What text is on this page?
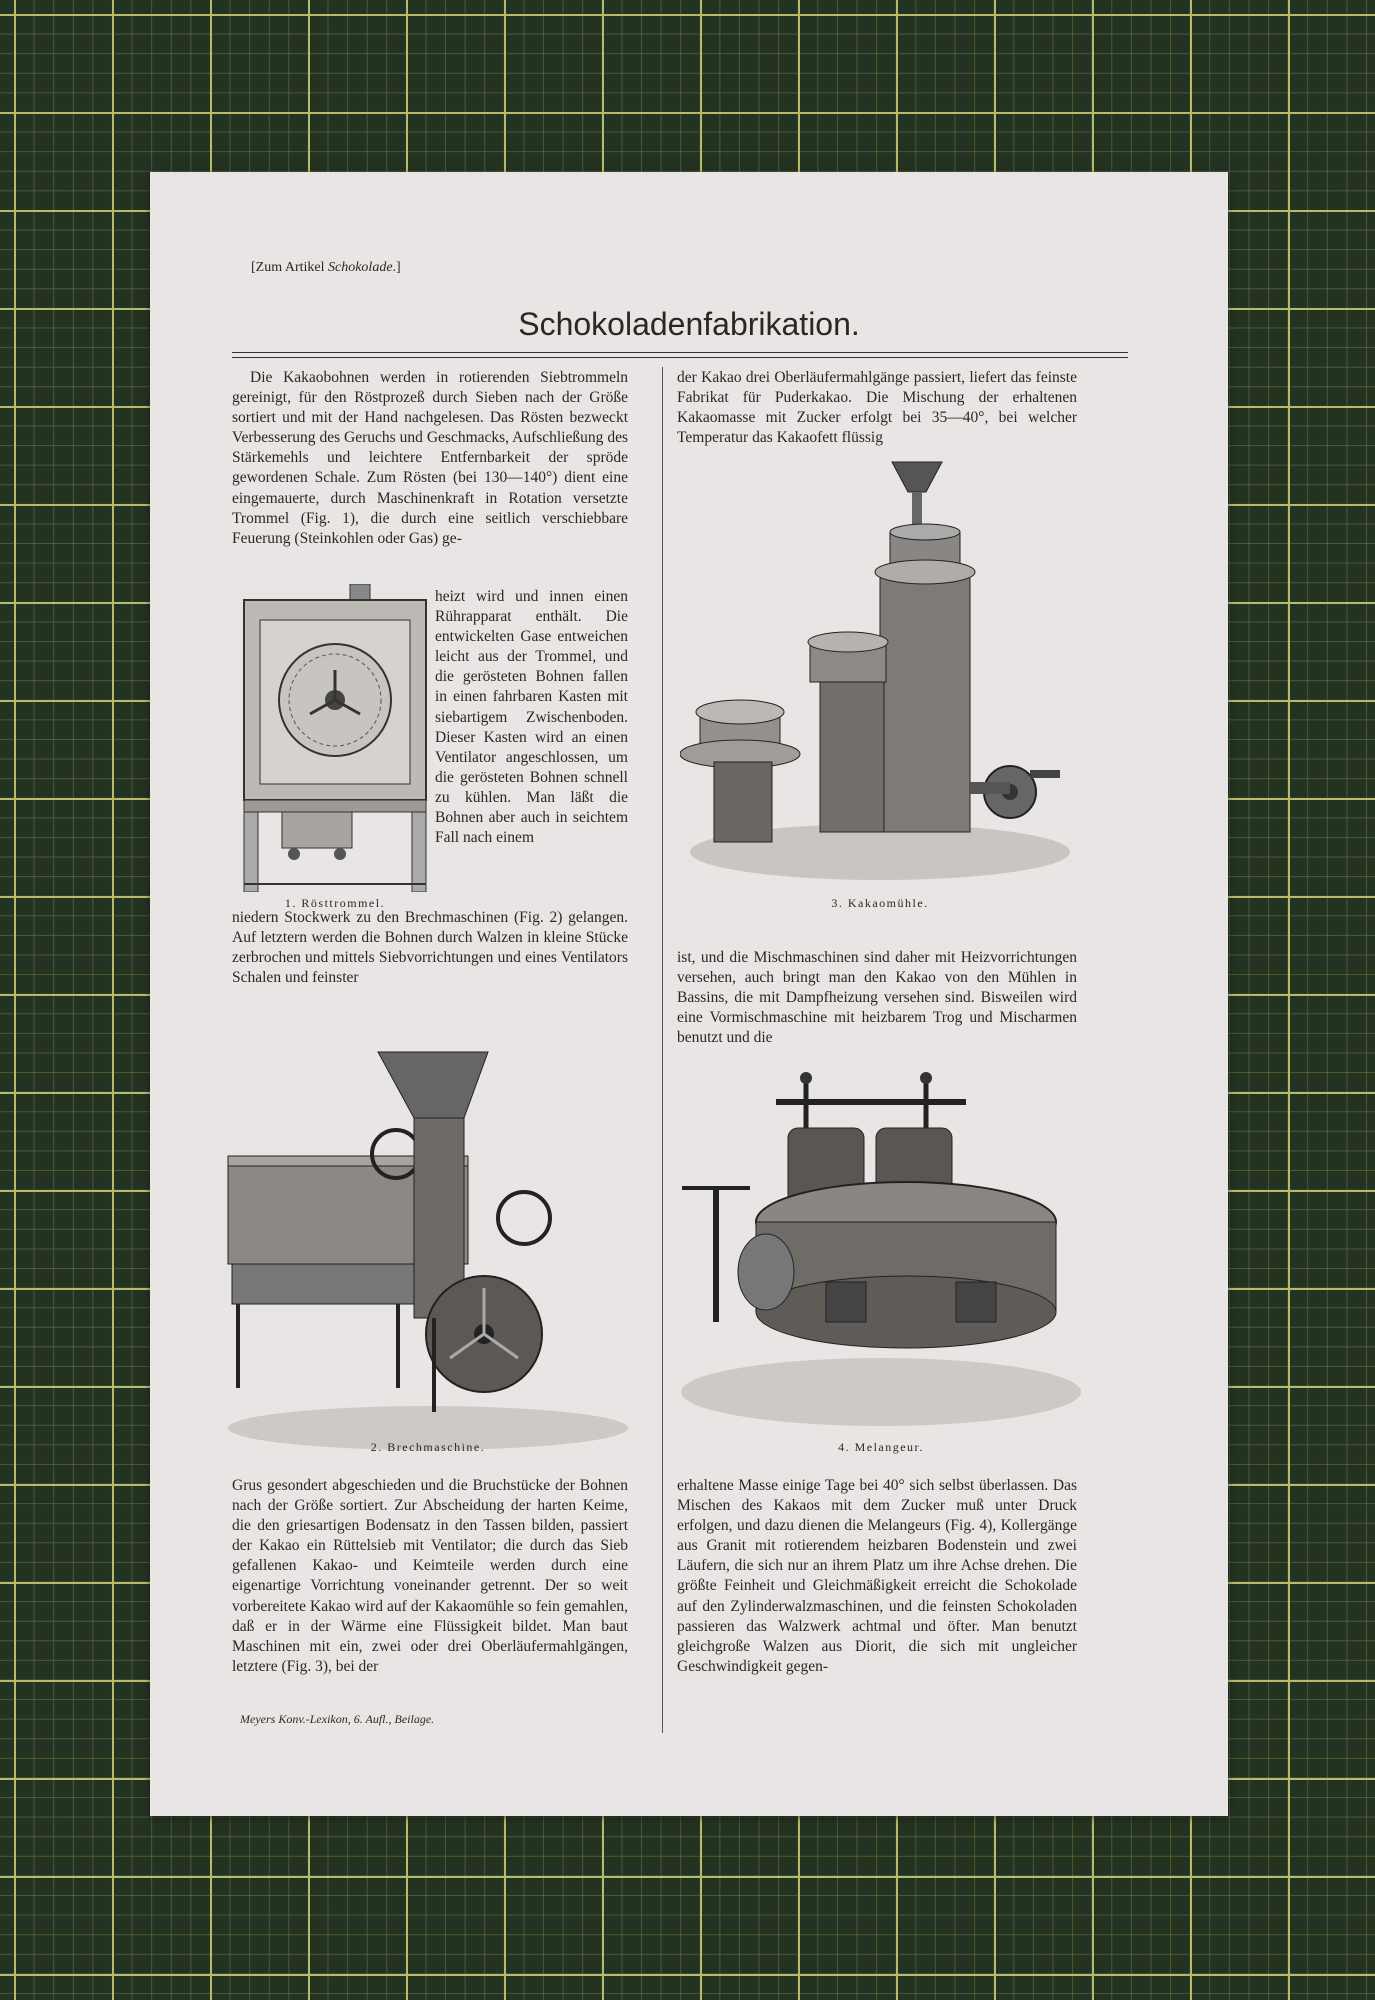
[Zum Artikel Schokolade.]
Schokoladenfabrikation.

Die Kakaobohnen werden in rotierenden Siebtrommeln gereinigt, für den Röstprozeß durch Sieben nach der Größe sortiert und mit der Hand nachgelesen. Das Rösten bezweckt Verbesserung des Geruchs und Geschmacks, Aufschließung des Stärkemehls und leichtere Entfernbarkeit der spröde gewordenen Schale. Zum Rösten (bei 130—140°) dient eine eingemauerte, durch Maschinenkraft in Rotation versetzte Trommel (Fig. 1), die durch eine seitlich verschiebbare Feuerung (Steinkohlen oder Gas) ge-

heizt wird und innen einen Rührapparat enthält. Die entwickelten Gase entweichen leicht aus der Trommel, und die gerösteten Bohnen fallen in einen fahrbaren Kasten mit siebartigem Zwischenboden. Dieser Kasten wird an einen Ventilator angeschlossen, um die gerösteten Bohnen schnell zu kühlen. Man läßt die Bohnen aber auch in seichtem Fall nach einem

niedern Stockwerk zu den Brechmaschinen (Fig. 2) gelangen. Auf letztern werden die Bohnen durch Walzen in kleine Stücke zerbrochen und mittels Siebvorrichtungen und eines Ventilators Schalen und feinster

Grus gesondert abgeschieden und die Bruchstücke der Bohnen nach der Größe sortiert. Zur Abscheidung der harten Keime, die den griesartigen Bodensatz in den Tassen bilden, passiert der Kakao ein Rüttelsieb mit Ventilator; die durch das Sieb gefallenen Kakao- und Keimteile werden durch eine eigenartige Vorrichtung voneinander getrennt. Der so weit vorbereitete Kakao wird auf der Kakaomühle so fein gemahlen, daß er in der Wärme eine Flüssigkeit bildet. Man baut Maschinen mit ein, zwei oder drei Oberläufermahlgängen, letztere (Fig. 3), bei der

der Kakao drei Oberläufermahlgänge passiert, liefert das feinste Fabrikat für Puderkakao. Die Mischung der erhaltenen Kakaomasse mit Zucker erfolgt bei 35—40°, bei welcher Temperatur das Kakaofett flüssig

ist, und die Mischmaschinen sind daher mit Heizvorrichtungen versehen, auch bringt man den Kakao von den Mühlen in Bassins, die mit Dampfheizung versehen sind. Bisweilen wird eine Vormischmaschine mit heizbarem Trog und Mischarmen benutzt und die

erhaltene Masse einige Tage bei 40° sich selbst überlassen. Das Mischen des Kakaos mit dem Zucker muß unter Druck erfolgen, und dazu dienen die Melangeurs (Fig. 4), Kollergänge aus Granit mit rotierendem heizbaren Bodenstein und zwei Läufern, die sich nur an ihrem Platz um ihre Achse drehen. Die größte Feinheit und Gleichmäßigkeit erreicht die Schokolade auf den Zylinderwalzmaschinen, und die feinsten Schokoladen passieren das Walzwerk achtmal und öfter. Man benutzt gleichgroße Walzen aus Diorit, die sich mit ungleicher Geschwindigkeit gegen-

1. Rösttrommel.	3. Kakaomühle.
2. Brechmaschine.	4. Melangeur.
Meyers Konv.-Lexikon, 6. Aufl., Beilage.
